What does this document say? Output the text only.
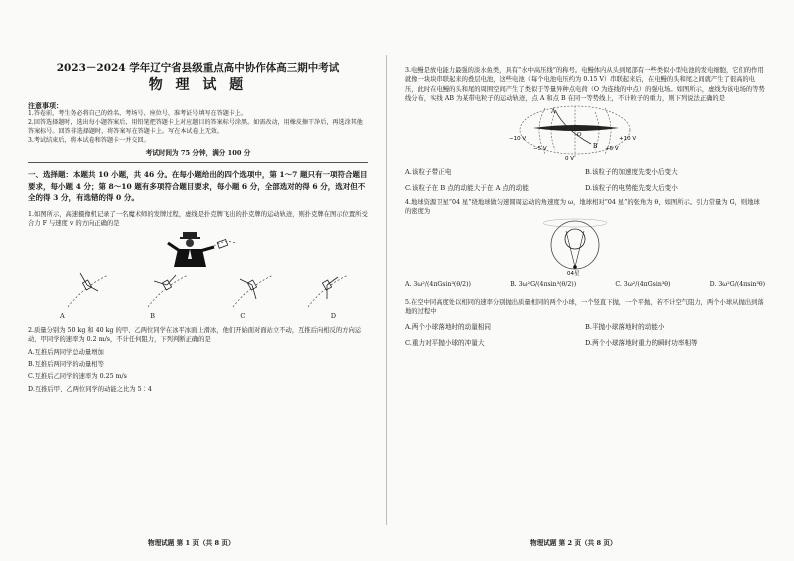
2023－2024 学年辽宁省县级重点高中协作体高三期中考试

物 理 试 题

注意事项：

1.答卷前，考生务必将自己的姓名、考场号、座位号、准考证号填写在答题卡上。

2.回答选择题时，选出每小题答案后，用铅笔把答题卡上对应题目的答案标号涂黑。如需改动，用橡皮擦干净后，再选涂其他答案标号。回答非选择题时，将答案写在答题卡上。写在本试卷上无效。

3.考试结束后，将本试卷和答题卡一并交回。

考试时间为 75 分钟，满分 100 分

一、选择题：本题共 10 小题，共 46 分。在每小题给出的四个选项中，第 1～7 题只有一项符合题目要求，每小题 4 分；第 8～10 题有多项符合题目要求，每小题 6 分，全部选对的得 6 分，选对但不全的得 3 分，有选错的得 0 分。

1.如图所示，高速摄像机记录了一名魔术师的发牌过程，虚线是扑克牌飞出的扑克牌的运动轨迹，则扑克牌在图示位置所受合力 F 与速度 v 的方向正确的是

A	B	C	D

2.质量分别为 50 kg 和 40 kg 的甲、乙两位同学在冰平冰面上滑冰，他们开始面对面站立不动，互推后向相反的方向运动，甲同学的速率为 0.2 m/s，不计任何阻力，下列判断正确的是

A.互推后两同学总动量增加

B.互推后两同学的动量相等

C.互推后乙同学的速率为 0.25 m/s

D.互推后甲、乙两位同学的动能之比为 5∶4

物理试题 第 1 页（共 8 页）

3.电鳗是放电能力最强的淡水鱼类，具有“水中高压线”的称号。电鳗体内从头到尾部有一些类似小型电池的发电细胞，它们的作用就像一块块串联起来的叠层电池，这些电池（每个电池电压约为 0.15 V）串联起来后，在电鳗的头和尾之间就产生了很高的电压，此时在电鳗的头和尾的周围空间产生了类似于等量异种点电荷（O 为连线的中点）的强电场。如图所示，虚线为该电场的等势线分布，实线 AB 为某带电粒子的运动轨迹，点 A 和点 B 在同一等势线上，不计粒子的重力，则下列说法正确的是

A
B
O
−10 V
−5 V
0 V
+5 V
+10 V
A.该粒子带正电	B.该粒子的加速度先变小后变大
C.该粒子在 B 点的动能大于在 A 点的动能	D.该粒子的电势能先变大后变小

4.地球资源卫星“04 星”绕地球做匀速圆周运动的角速度为 ω，地球相对“04 星”的张角为 θ，如图所示。引力常量为 G，则地球的密度为

04星
A. 3ω²/(4πGsin³(θ/2))	B. 3ω²G/(4πsin³(θ/2))	C. 3ω²/(4πGsin³θ)	D. 3ω²G/(4πsin³θ)

5.在空中同高度处以相同的速率分别抛出质量相同的两个小球，一个竖直下抛，一个平抛，若不计空气阻力，两个小球从抛出到落地的过程中

A.两个小球落地时的动量相同	B.平抛小球落地时的动能小
C.重力对平抛小球的冲量大	D.两个小球落地时重力的瞬时功率相等
物理试题 第 2 页（共 8 页）
